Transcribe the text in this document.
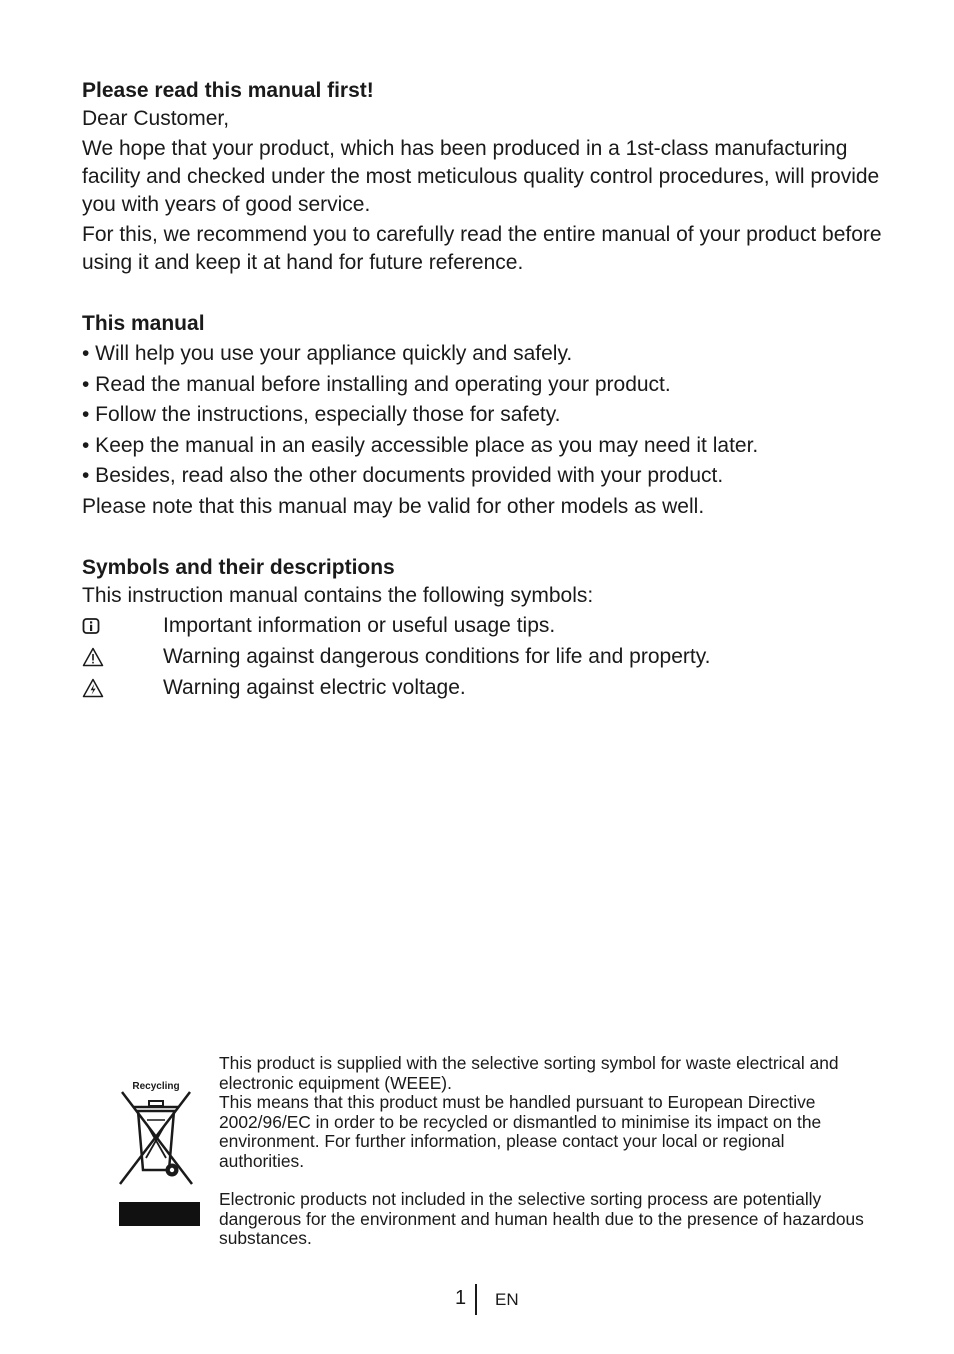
Please read this manual first!

Dear Customer,

We hope that your product, which has been produced in a 1st-class manufacturing facility and checked under the most meticulous quality control procedures, will provide you with years of good service.

For this, we recommend you to carefully read the entire manual of your product before using it and keep it at hand for future reference.

This manual

• Will help you use your appliance quickly and safely.

• Read the manual before installing and operating your product.

• Follow the instructions, especially those for safety.

• Keep the manual in an easily accessible place as you may need it later.

• Besides, read also the other documents provided with your product.

Please note that this manual may be valid for other models as well.

Symbols and their descriptions

This instruction manual contains the following symbols:

Important information or useful usage tips.
Warning against dangerous conditions for life and property.
Warning against electric voltage.
Recycling

This product is supplied with the selective sorting symbol for waste electrical and electronic equipment (WEEE).

This means that this product must be handled pursuant to European Directive 2002/96/EC in order to be recycled or dismantled to minimise its impact on the environment. For further information, please contact your local or regional authorities.

Electronic products not included in the selective sorting process are potentially dangerous for the environment and human health due to the presence of hazardous substances.

1 EN
